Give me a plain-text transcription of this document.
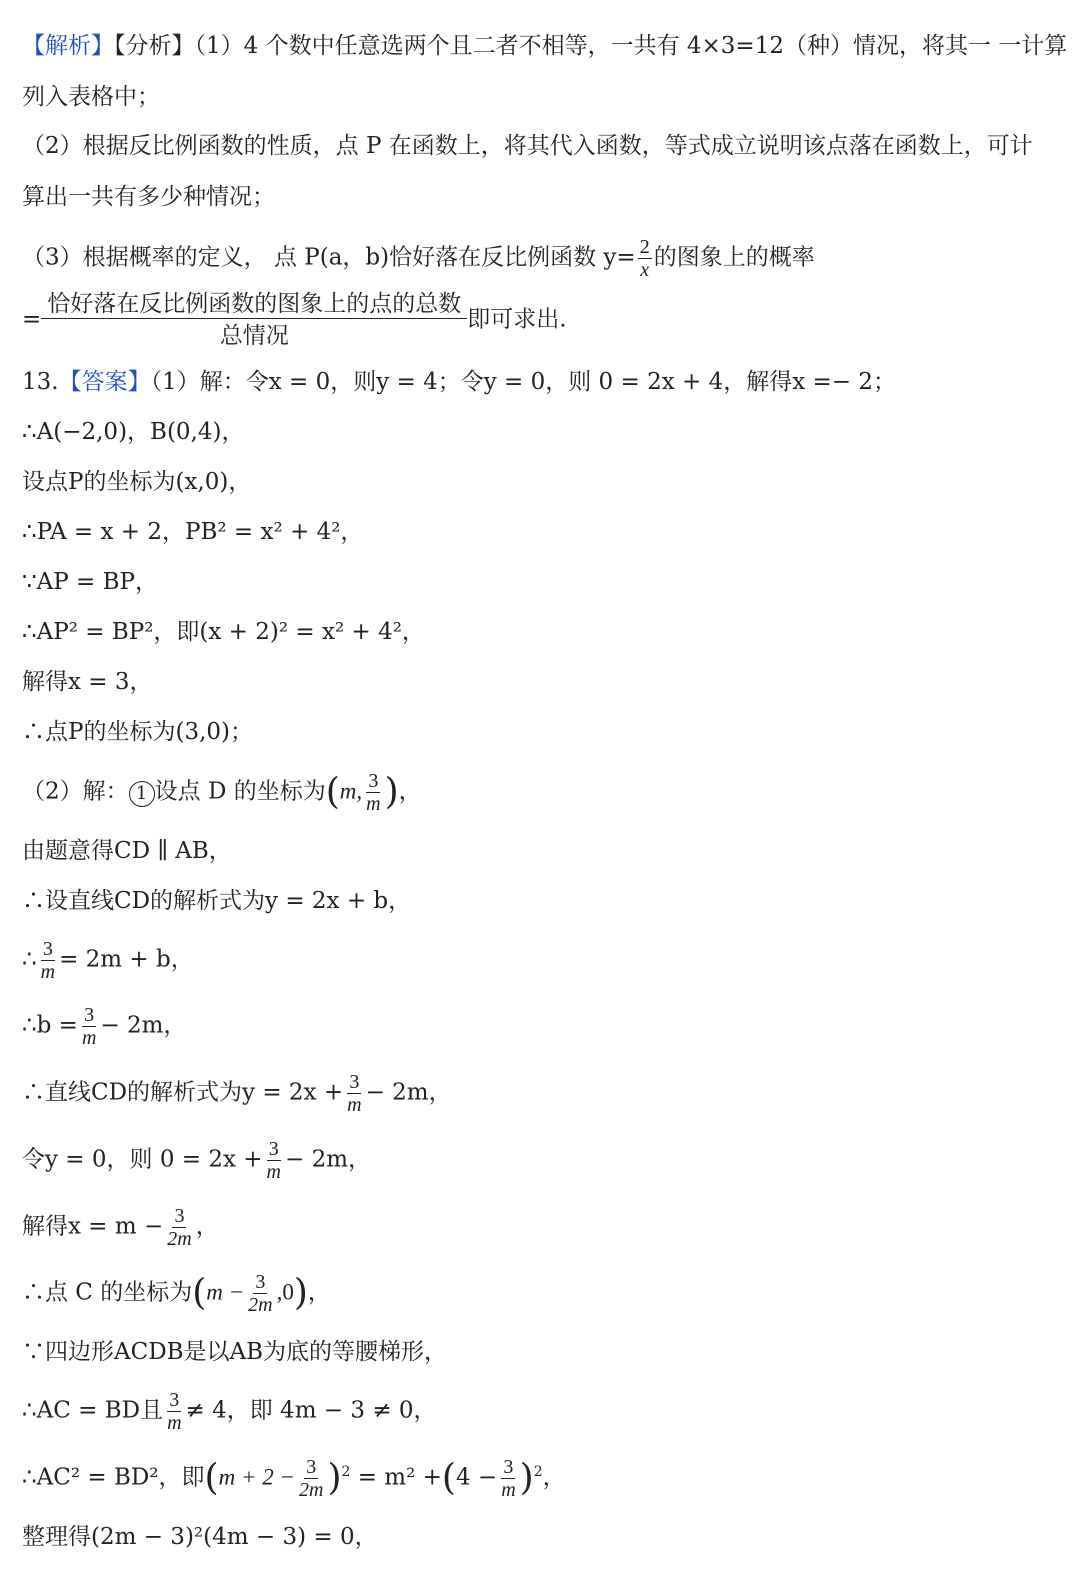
【解析】【分析】（1）4 个数中任意选两个且二者不相等，一共有 4×3=12（种）情况，将其一 一计算
列入表格中；
（2）根据反比例函数的性质，点 P 在函数上，将其代入函数，等式成立说明该点落在函数上，可计
算出一共有多少种情况；
（3）根据概率的定义， 点 P(a，b)恰好落在反比例函数 $y= \frac{2}{x}$ 的图象上的概率
=
恰好落在反比例函数的图象上的点的总数
总情况
即可求出.
13.【答案】（1）解：令x = 0，则y = 4；令y = 0，则 0 = 2x + 4，解得x =− 2；
∴A(−2,0)，B(0,4)，
设点P的坐标为(x,0)，
∴PA = x + 2，PB² = x² + 4²，
∵AP = BP，
∴AP² = BP²，即(x + 2)² = x² + 4²，
解得x = 3，
∴点P的坐标为(3,0)；
（2）解： 1 设点 D 的坐标为(m, $\frac{3}{m}$ )，
由题意得CD ∥ AB，
∴设直线CD的解析式为y = 2x + b，
∴ $\frac{3}{m} = 2m + b$，
∴b = $\frac{3}{m} - 2m$，
∴直线CD的解析式为$y = 2x + \frac{3}{m} - 2m$，
令y = 0，则 $0 = 2x + \frac{3}{m} - 2m$，
解得$x = m - \frac{3}{2m}$ ，
∴点 C 的坐标为$(m - \frac{3}{2m} ,0)$，
∵四边形ACDB是以AB为底的等腰梯形，
∴AC = BD且 $\frac{3}{m} \ne 4$，即 4m − 3 ≠ 0，
∴AC² = BD²，即$(m + 2 - \frac{3}{2m} )^2 = m^2 +(4 - \frac{3}{m} )^2$，
整理得(2m − 3)²(4m − 3) = 0，
